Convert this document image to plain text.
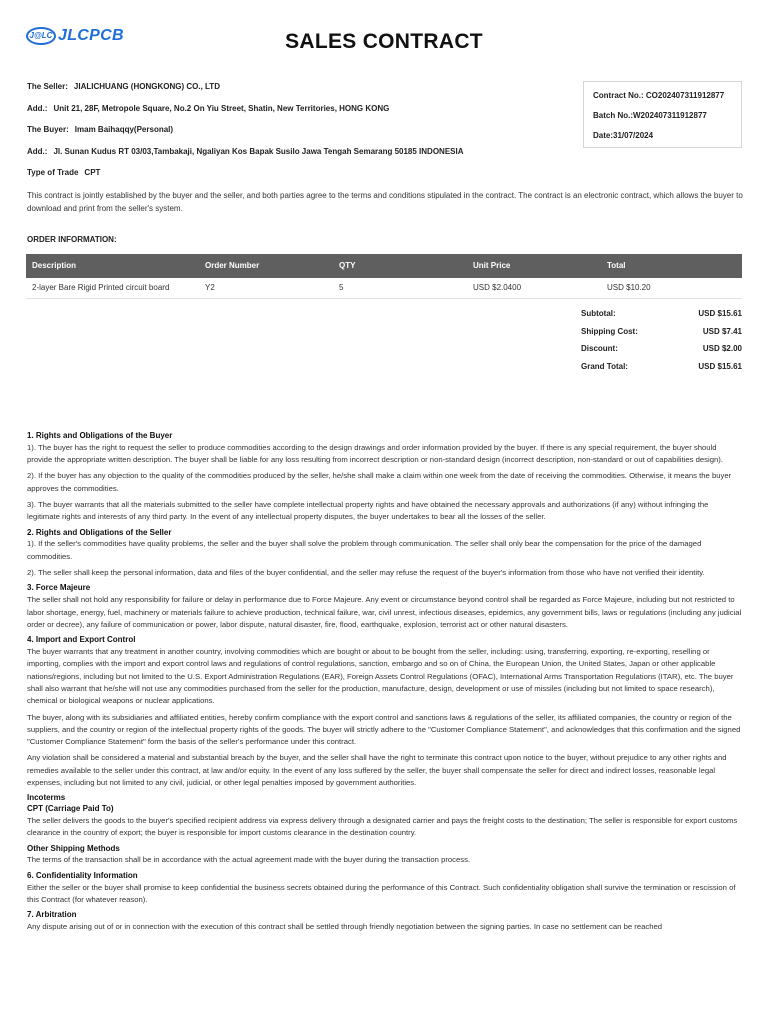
J@LC JLCPCB	SALES CONTRACT
The Seller: JIALICHUANG (HONGKONG) CO., LTD
Add.: Unit 21, 28F, Metropole Square, No.2 On Yiu Street, Shatin, New Territories, HONG KONG
The Buyer: Imam Baihaqqy(Personal)
Add.: Jl. Sunan Kudus RT 03/03,Tambakaji, Ngaliyan Kos Bapak Susilo Jawa Tengah Semarang 50185 INDONESIA
Type of Trade CPT
Contract No.: CO202407311912877
Batch No.:W202407311912877
Date:31/07/2024
This contract is jointly established by the buyer and the seller, and both parties agree to the terms and conditions stipulated in the contract. The contract is an electronic contract, which allows the buyer to download and print from the seller's system.
ORDER INFORMATION:
Description	Order Number	QTY	Unit Price	Total
2-layer Bare Rigid Printed circuit board	Y2	5	USD $2.0400	USD $10.20
Subtotal:	USD $15.61
Shipping Cost:	USD $7.41
Discount:	USD $2.00
Grand Total:	USD $15.61
1. Rights and Obligations of the Buyer
1). The buyer has the right to request the seller to produce commodities according to the design drawings and order information provided by the buyer. If there is any special requirement, the buyer should provide the appropriate written description. The buyer shall be liable for any loss resulting from incorrect description or non-standard design (incorrect description, non-standard or out of capabilities design).
2). If the buyer has any objection to the quality of the commodities produced by the seller, he/she shall make a claim within one week from the date of receiving the commodities. Otherwise, it means the buyer approves the commodities.
3). The buyer warrants that all the materials submitted to the seller have complete intellectual property rights and have obtained the necessary approvals and authorizations (if any) without infringing the legitimate rights and interests of any third party. In the event of any intellectual property disputes, the buyer undertakes to bear all the losses of the seller.
2. Rights and Obligations of the Seller
1). If the seller's commodities have quality problems, the seller and the buyer shall solve the problem through communication. The seller shall only bear the compensation for the price of the damaged commodities.
2). The seller shall keep the personal information, data and files of the buyer confidential, and the seller may refuse the request of the buyer's information from those who have not verified their identity.
3. Force Majeure
The seller shall not hold any responsibility for failure or delay in performance due to Force Majeure. Any event or circumstance beyond control shall be regarded as Force Majeure, including but not restricted to labor shortage, energy, fuel, machinery or materials failure to achieve production, technical failure, war, civil unrest, infectious diseases, epidemics, any government bills, laws or regulations (including any judicial order or decree), any failure of communication or power, labor dispute, natural disaster, fire, flood, earthquake, explosion, terrorist act or other natural disasters.
4. Import and Export Control
The buyer warrants that any treatment in another country, involving commodities which are bought or about to be bought from the seller, including: using, transferring, exporting, re-exporting, reselling or importing, complies with the import and export control laws and regulations of control regulations, sanction, embargo and so on of China, the European Union, the United States, Japan or other applicable nations/regions, including but not limited to the U.S. Export Administration Regulations (EAR), Foreign Assets Control Regulations (OFAC), International Arms Transportation Regulations (ITAR), etc. The buyer shall also warrant that he/she will not use any commodities purchased from the seller for the production, manufacture, design, development or use of missiles (including but not limited to space research), chemical or biological weapons or nuclear applications.
The buyer, along with its subsidiaries and affiliated entities, hereby confirm compliance with the export control and sanctions laws & regulations of the seller, its affiliated companies, the country or region of the suppliers, and the country or region of the intellectual property rights of the goods. The buyer will strictly adhere to the "Customer Compliance Statement", and acknowledges that this confirmation and the signed "Customer Compliance Statement" form the basis of the seller's performance under this contract.
Any violation shall be considered a material and substantial breach by the buyer, and the seller shall have the right to terminate this contract upon notice to the buyer, without prejudice to any other rights and remedies available to the seller under this contract, at law and/or equity. In the event of any loss suffered by the seller, the buyer shall compensate the seller for direct and indirect losses, reasonable legal expenses, including but not limited to any civil, judicial, or other legal penalties imposed by government authorities.
Incoterms
CPT (Carriage Paid To)
The seller delivers the goods to the buyer's specified recipient address via express delivery through a designated carrier and pays the freight costs to the destination; The seller is responsible for export customs clearance in the country of export; the buyer is responsible for import customs clearance in the destination country.
Other Shipping Methods
The terms of the transaction shall be in accordance with the actual agreement made with the buyer during the transaction process.
6. Confidentiality Information
Either the seller or the buyer shall promise to keep confidential the business secrets obtained during the performance of this Contract. Such confidentiality obligation shall survive the termination or rescission of this Contract (for whatever reason).
7. Arbitration
Any dispute arising out of or in connection with the execution of this contract shall be settled through friendly negotiation between the signing parties. In case no settlement can be reached
